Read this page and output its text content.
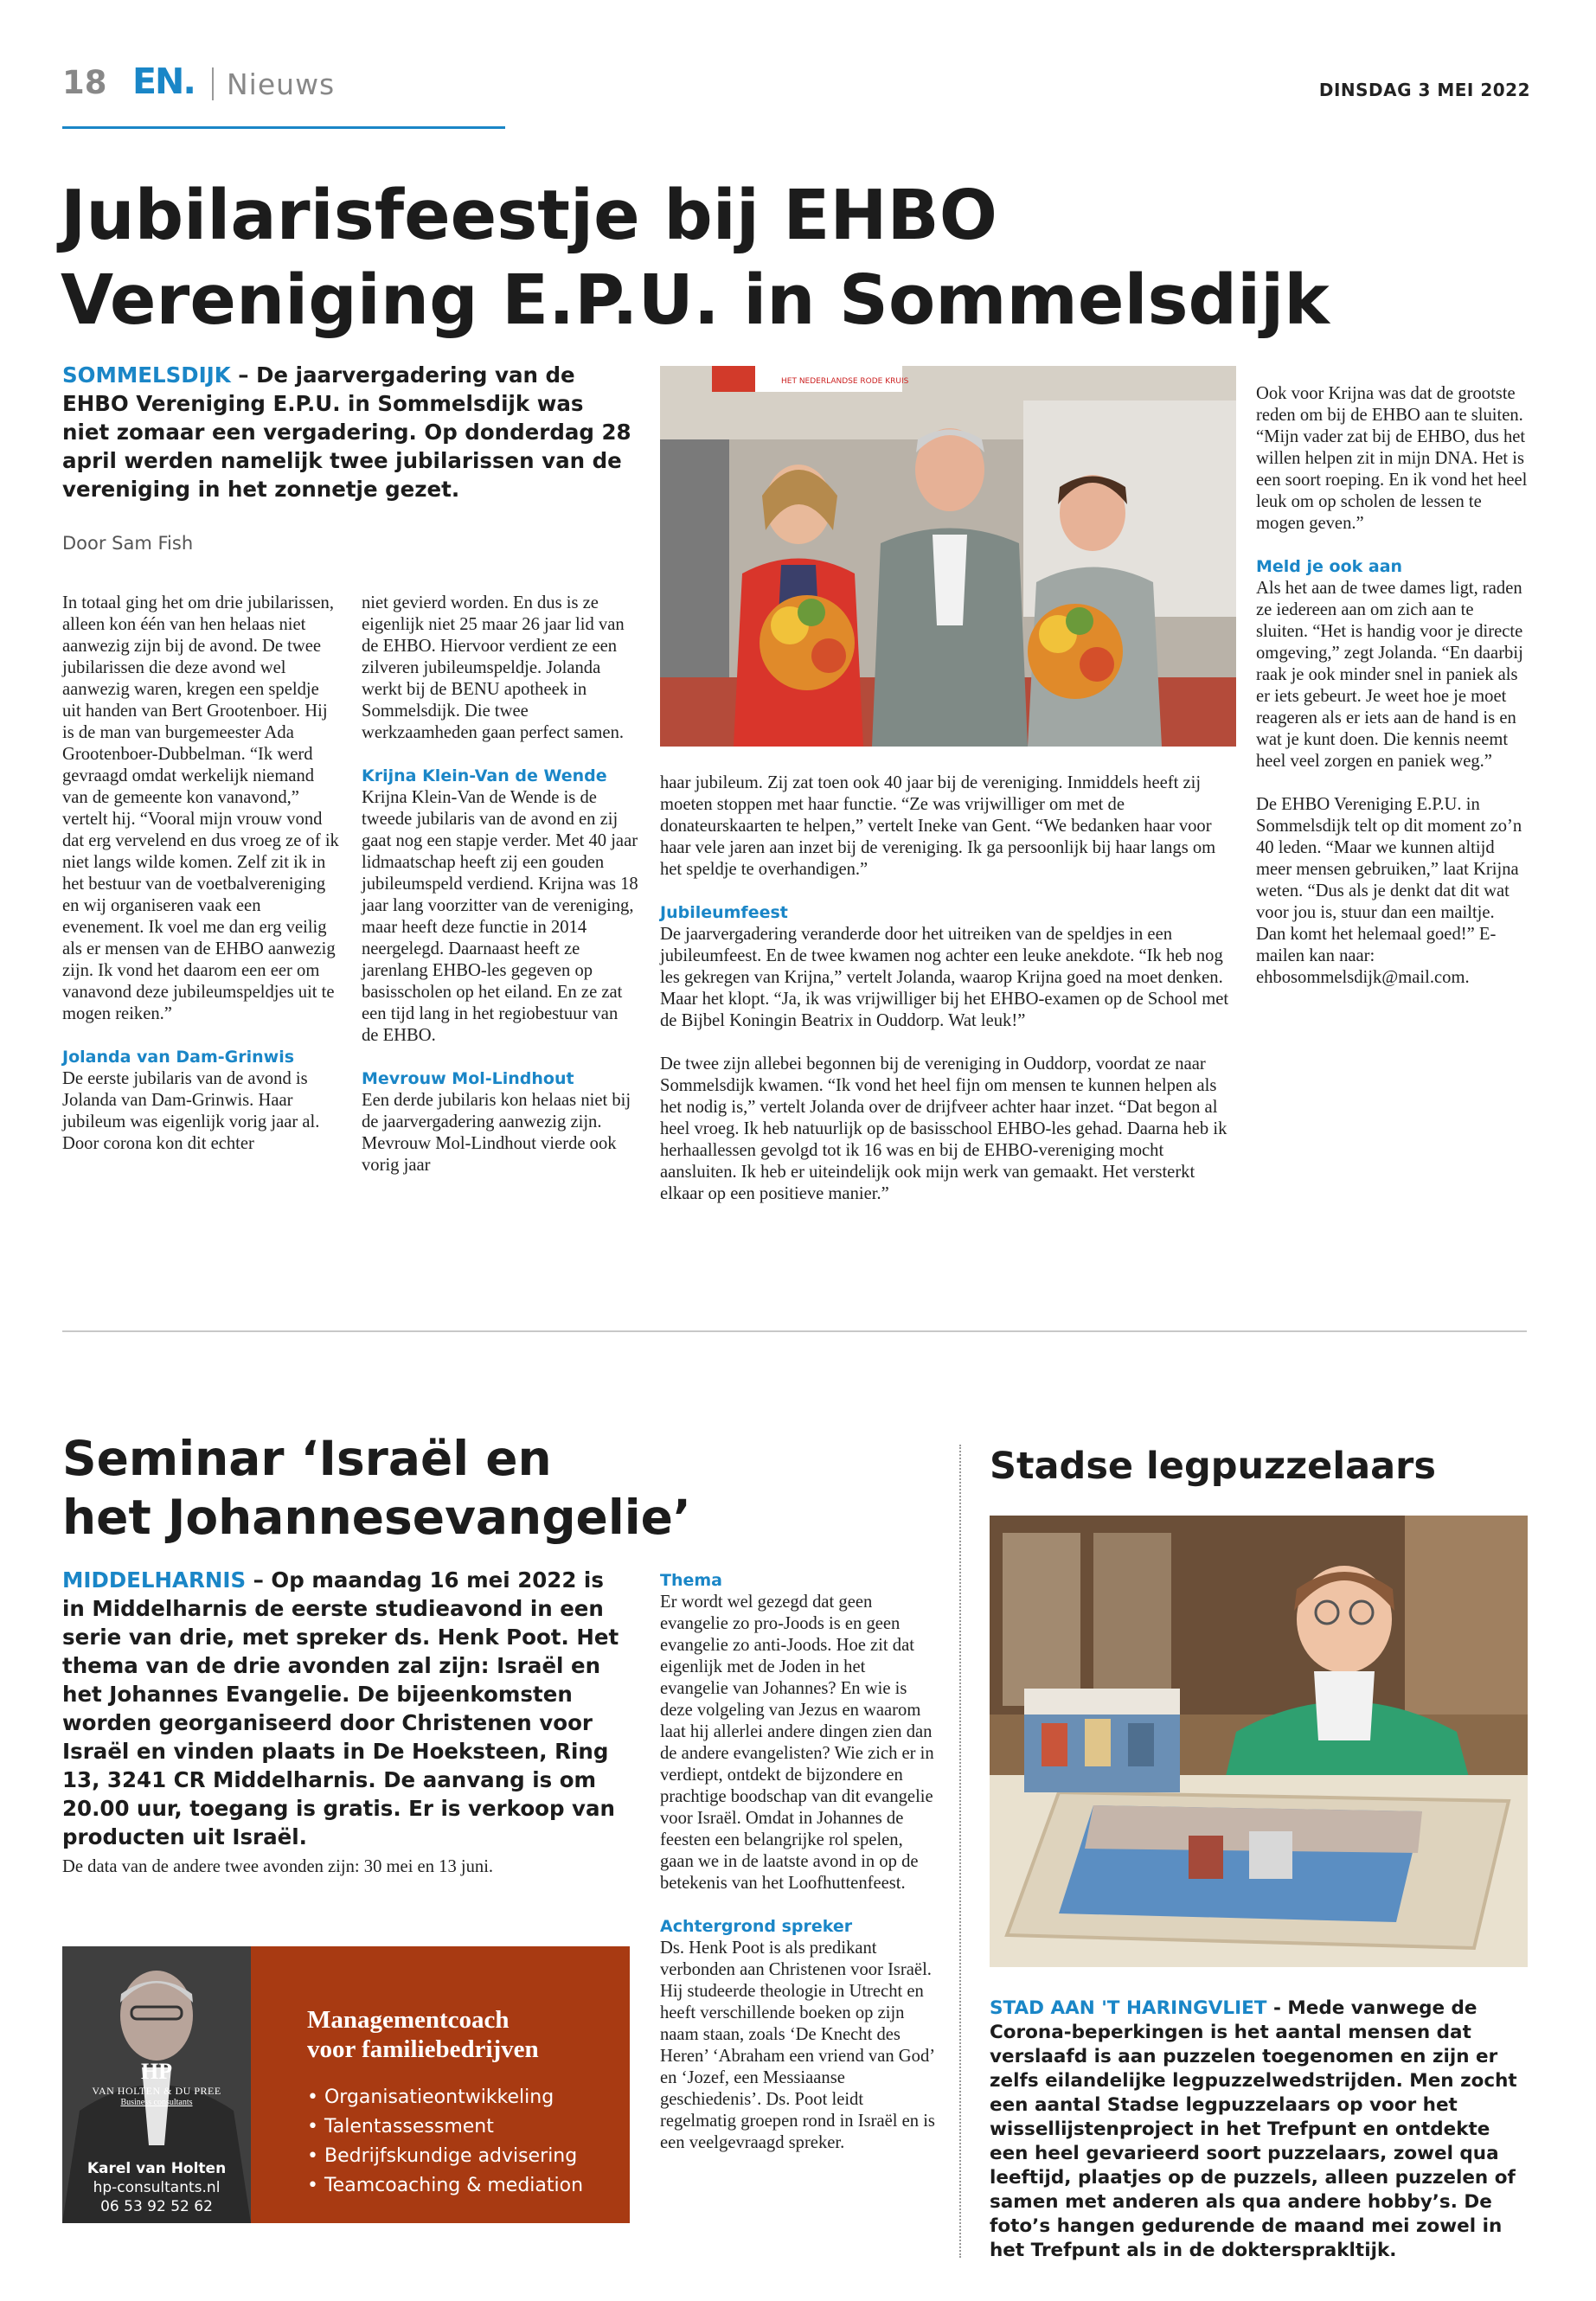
18 EN. Nieuws	DINSDAG 3 MEI 2022
Jubilarisfeestje bij EHBO
Vereniging E.P.U. in Sommelsdijk
SOMMELSDIJK – De jaarvergadering van de EHBO Vereniging E.P.U. in Sommelsdijk was niet zomaar een vergadering. Op donderdag 28 april werden namelijk twee jubilarissen van de vereniging in het zonnetje gezet.
Door Sam Fish

In totaal ging het om drie jubilarissen, alleen kon één van hen helaas niet aanwezig zijn bij de avond. De twee jubilarissen die deze avond wel aanwezig waren, kregen een speldje uit handen van Bert Grootenboer. Hij is de man van burgemeester Ada Grootenboer-Dubbelman. “Ik werd gevraagd omdat werkelijk niemand van de gemeente kon vanavond,” vertelt hij. “Vooral mijn vrouw vond dat erg vervelend en dus vroeg ze of ik niet langs wilde komen. Zelf zit ik in het bestuur van de voetbalvereniging en wij organiseren vaak een evenement. Ik voel me dan erg veilig als er mensen van de EHBO aanwezig zijn. Ik vond het daarom een eer om vanavond deze jubileumspeldjes uit te mogen reiken.”

Jolanda van Dam-Grinwis

De eerste jubilaris van de avond is Jolanda van Dam-Grinwis. Haar jubileum was eigenlijk vorig jaar al. Door corona kon dit echter

niet gevierd worden. En dus is ze eigenlijk niet 25 maar 26 jaar lid van de EHBO. Hiervoor verdient ze een zilveren jubileumspeldje. Jolanda werkt bij de BENU apotheek in Sommelsdijk. Die twee werkzaamheden gaan perfect samen.

Krijna Klein-Van de Wende

Krijna Klein-Van de Wende is de tweede jubilaris van de avond en zij gaat nog een stapje verder. Met 40 jaar lidmaatschap heeft zij een gouden jubileumspeld verdiend. Krijna was 18 jaar lang voorzitter van de vereniging, maar heeft deze functie in 2014 neergelegd. Daarnaast heeft ze jarenlang EHBO-les gegeven op basisscholen op het eiland. En ze zat een tijd lang in het regiobestuur van de EHBO.

Mevrouw Mol-Lindhout

Een derde jubilaris kon helaas niet bij de jaarvergadering aanwezig zijn. Mevrouw Mol-Lindhout vierde ook vorig jaar

HET NEDERLANDSE RODE KRUIS

haar jubileum. Zij zat toen ook 40 jaar bij de vereniging. Inmiddels heeft zij moeten stoppen met haar functie. “Ze was vrijwilliger om met de donateurskaarten te helpen,” vertelt Ineke van Gent. “We bedanken haar voor haar vele jaren aan inzet bij de vereniging. Ik ga persoonlijk bij haar langs om het speldje te overhandigen.”

Jubileumfeest

De jaarvergadering veranderde door het uitreiken van de speldjes in een jubileumfeest. En de twee kwamen nog achter een leuke anekdote. “Ik heb nog les gekregen van Krijna,” vertelt Jolanda, waarop Krijna goed na moet denken. Maar het klopt. “Ja, ik was vrijwilliger bij het EHBO-examen op de School met de Bijbel Koningin Beatrix in Ouddorp. Wat leuk!”

De twee zijn allebei begonnen bij de vereniging in Ouddorp, voordat ze naar Sommelsdijk kwamen. “Ik vond het heel fijn om mensen te kunnen helpen als het nodig is,” vertelt Jolanda over de drijfveer achter haar inzet. “Dat begon al heel vroeg. Ik heb natuurlijk op de basisschool EHBO-les gehad. Daarna heb ik herhaallessen gevolgd tot ik 16 was en bij de EHBO-vereniging mocht aansluiten. Ik heb er uiteindelijk ook mijn werk van gemaakt. Het versterkt elkaar op een positieve manier.”

Ook voor Krijna was dat de grootste reden om bij de EHBO aan te sluiten. “Mijn vader zat bij de EHBO, dus het willen helpen zit in mijn DNA. Het is een soort roeping. En ik vond het heel leuk om op scholen de lessen te mogen geven.”

Meld je ook aan

Als het aan de twee dames ligt, raden ze iedereen aan om zich aan te sluiten. “Het is handig voor je directe omgeving,” zegt Jolanda. “En daarbij raak je ook minder snel in paniek als er iets gebeurt. Je weet hoe je moet reageren als er iets aan de hand is en wat je kunt doen. Die kennis neemt heel veel zorgen en paniek weg.”

De EHBO Vereniging E.P.U. in Sommelsdijk telt op dit moment zo’n 40 leden. “Maar we kunnen altijd meer mensen gebruiken,” laat Krijna weten. “Dus als je denkt dat dit wat voor jou is, stuur dan een mailtje. Dan komt het helemaal goed!” E-mailen kan naar: ehbosommelsdijk@mail.com.

Seminar ‘Israël en
het Johannesevangelie’
MIDDELHARNIS – Op maandag 16 mei 2022 is in Middelharnis de eerste studieavond in een serie van drie, met spreker ds. Henk Poot. Het thema van de drie avonden zal zijn: Israël en het Johannes Evangelie. De bijeenkomsten worden georganiseerd door Christenen voor Israël en vinden plaats in De Hoeksteen, Ring 13, 3241 CR Middelharnis. De aanvang is om 20.00 uur, toegang is gratis. Er is verkoop van producten uit Israël.
De data van de andere twee avonden zijn: 30 mei en 13 juni.
Thema

Er wordt wel gezegd dat geen evangelie zo pro-Joods is en geen evangelie zo anti-Joods. Hoe zit dat eigenlijk met de Joden in het evangelie van Johannes? En wie is deze volgeling van Jezus en waarom laat hij allerlei andere dingen zien dan de andere evangelisten? Wie zich er in verdiept, ontdekt de bijzondere en prachtige boodschap van dit evangelie voor Israël. Omdat in Johannes de feesten een belangrijke rol spelen, gaan we in de laatste avond in op de betekenis van het Loofhuttenfeest.

Achtergrond spreker

Ds. Henk Poot is als predikant verbonden aan Christenen voor Israël. Hij studeerde theologie in Utrecht en heeft verschillende boeken op zijn naam staan, zoals ‘De Knecht des Heren’ ‘Abraham een vriend van God’ en ‘Jozef, een Messiaanse geschiedenis’. Ds. Poot leidt regelmatig groepen rond in Israël en is een veelgevraagd spreker.

HP
VAN HOLTEN & DU PREE
Business consultants
Karel van Holten
hp-consultants.nl
06 53 92 52 62
Managementcoach
voor familiebedrijven
• Organisatieontwikkeling
• Talentassessment
• Bedrijfskundige advisering
• Teamcoaching & mediation
Stadse legpuzzelaars
STAD AAN 'T HARINGVLIET - Mede vanwege de Corona-beperkingen is het aantal mensen dat verslaafd is aan puzzelen toegenomen en zijn er zelfs eilandelijke legpuzzelwedstrijden. Men zocht een aantal Stadse legpuzzelaars op voor het wissellijstenproject in het Trefpunt en ontdekte een heel gevarieerd soort puzzelaars, zowel qua leeftijd, plaatjes op de puzzels, alleen puzzelen of samen met anderen als qua andere hobby’s. De foto’s hangen gedurende de maand mei zowel in het Trefpunt als in de doktersprakltijk.
